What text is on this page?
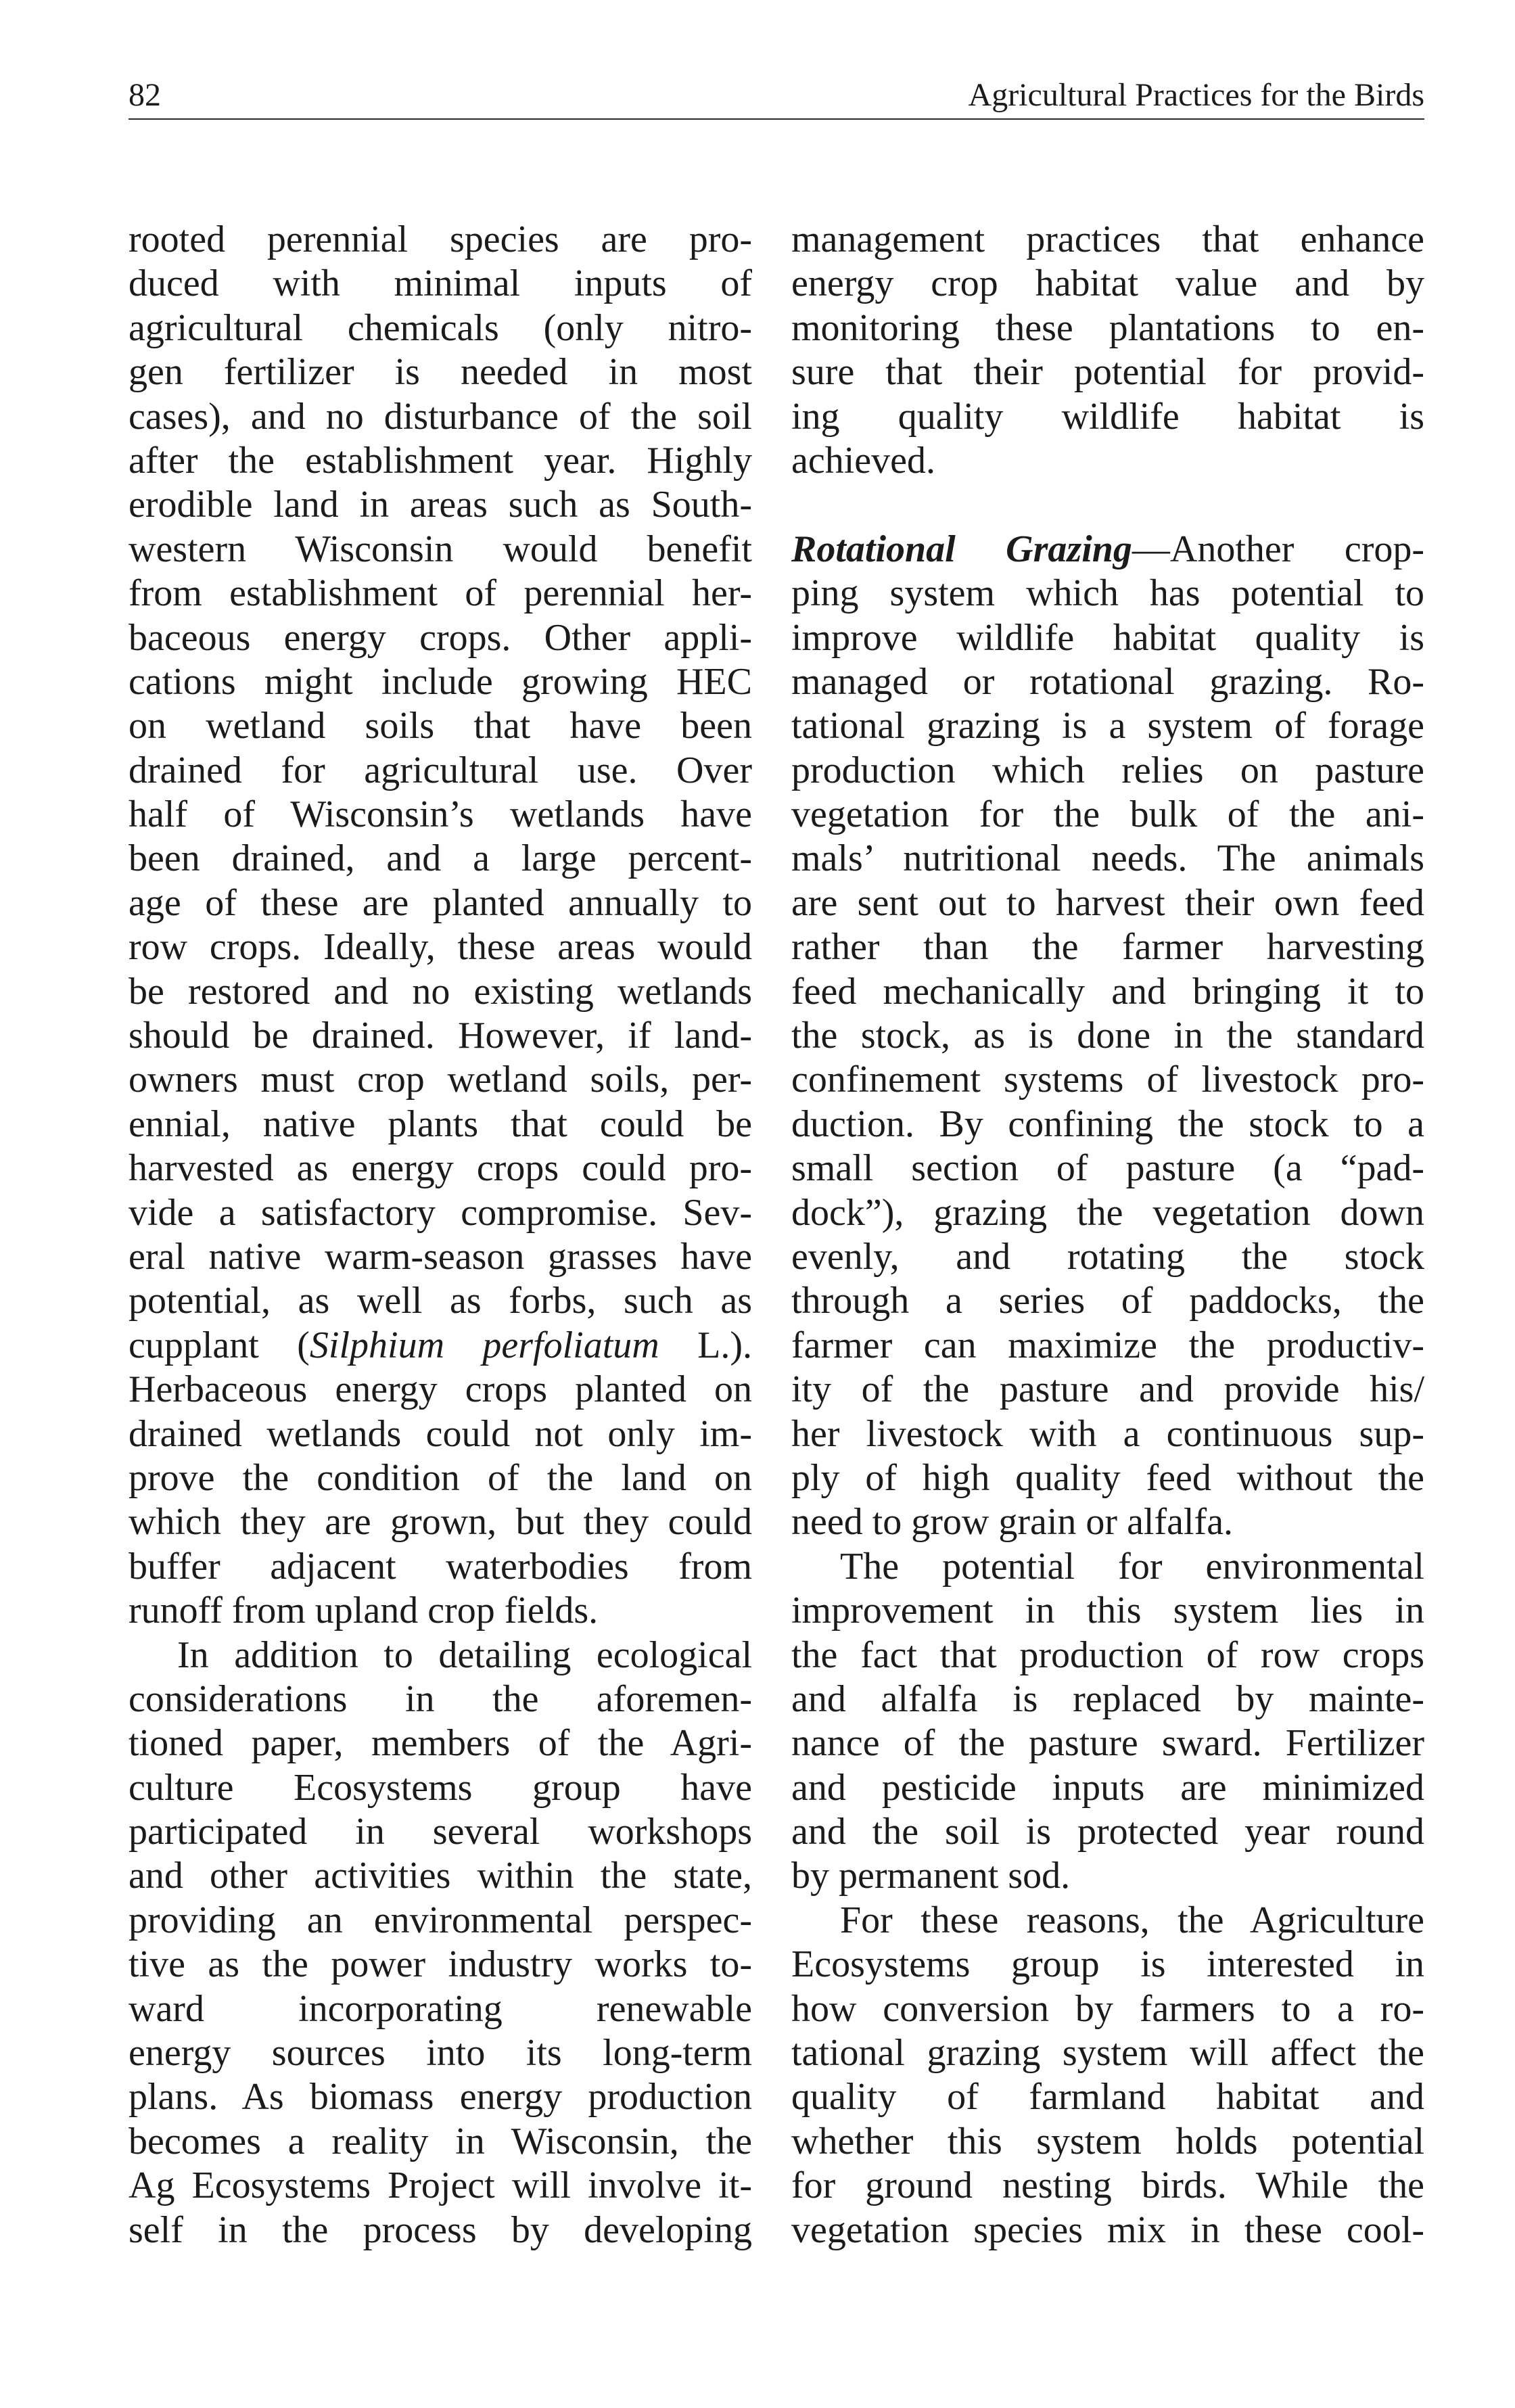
82	Agricultural Practices for the Birds
rooted perennial species are pro-
duced with minimal inputs of
agricultural chemicals (only nitro-
gen fertilizer is needed in most
cases), and no disturbance of the soil
after the establishment year. Highly
erodible land in areas such as South-
western Wisconsin would benefit
from establishment of perennial her-
baceous energy crops. Other appli-
cations might include growing HEC
on wetland soils that have been
drained for agricultural use. Over
half of Wisconsin’s wetlands have
been drained, and a large percent-
age of these are planted annually to
row crops. Ideally, these areas would
be restored and no existing wetlands
should be drained. However, if land-
owners must crop wetland soils, per-
ennial, native plants that could be
harvested as energy crops could pro-
vide a satisfactory compromise. Sev-
eral native warm-season grasses have
potential, as well as forbs, such as
cupplant (Silphium perfoliatum L.).
Herbaceous energy crops planted on
drained wetlands could not only im-
prove the condition of the land on
which they are grown, but they could
buffer adjacent waterbodies from
runoff from upland crop fields.
In addition to detailing ecological
considerations in the aforemen-
tioned paper, members of the Agri-
culture Ecosystems group have
participated in several workshops
and other activities within the state,
providing an environmental perspec-
tive as the power industry works to-
ward incorporating renewable
energy sources into its long-term
plans. As biomass energy production
becomes a reality in Wisconsin, the
Ag Ecosystems Project will involve it-
self in the process by developing
management practices that enhance
energy crop habitat value and by
monitoring these plantations to en-
sure that their potential for provid-
ing quality wildlife habitat is
achieved.
Rotational Grazing—Another crop-
ping system which has potential to
improve wildlife habitat quality is
managed or rotational grazing. Ro-
tational grazing is a system of forage
production which relies on pasture
vegetation for the bulk of the ani-
mals’ nutritional needs. The animals
are sent out to harvest their own feed
rather than the farmer harvesting
feed mechanically and bringing it to
the stock, as is done in the standard
confinement systems of livestock pro-
duction. By confining the stock to a
small section of pasture (a “pad-
dock”), grazing the vegetation down
evenly, and rotating the stock
through a series of paddocks, the
farmer can maximize the productiv-
ity of the pasture and provide his/
her livestock with a continuous sup-
ply of high quality feed without the
need to grow grain or alfalfa.
The potential for environmental
improvement in this system lies in
the fact that production of row crops
and alfalfa is replaced by mainte-
nance of the pasture sward. Fertilizer
and pesticide inputs are minimized
and the soil is protected year round
by permanent sod.
For these reasons, the Agriculture
Ecosystems group is interested in
how conversion by farmers to a ro-
tational grazing system will affect the
quality of farmland habitat and
whether this system holds potential
for ground nesting birds. While the
vegetation species mix in these cool-
